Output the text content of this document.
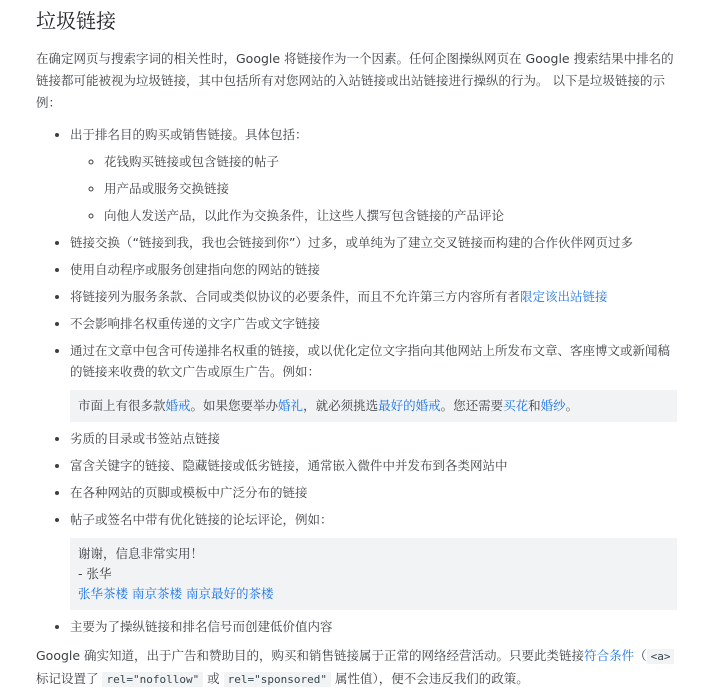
垃圾链接

在确定网页与搜索字词的相关性时，Google 将链接作为一个因素。任何企图操纵网页在 Google 搜索结果中排名的链接都可能被视为垃圾链接，其中包括所有对您网站的入站链接或出站链接进行操纵的行为。 以下是垃圾链接的示例：

• 出于排名目的购买或销售链接。具体包括：
◦ 花钱购买链接或包含链接的帖子
◦ 用产品或服务交换链接
◦ 向他人发送产品，以此作为交换条件，让这些人撰写包含链接的产品评论
• 链接交换（“链接到我，我也会链接到你”）过多，或单纯为了建立交叉链接而构建的合作伙伴网页过多
• 使用自动程序或服务创建指向您的网站的链接
• 将链接列为服务条款、合同或类似协议的必要条件，而且不允许第三方内容所有者限定该出站链接
• 不会影响排名权重传递的文字广告或文字链接
• 通过在文章中包含可传递排名权重的链接，或以优化定位文字指向其他网站上所发布文章、客座博文或新闻稿的链接来收费的软文广告或原生广告。例如：
市面上有很多款婚戒。如果您要举办婚礼，就必须挑选最好的婚戒。您还需要买花和婚纱。
• 劣质的目录或书签站点链接
• 富含关键字的链接、隐藏链接或低劣链接，通常嵌入微件中并发布到各类网站中
• 在各种网站的页脚或模板中广泛分布的链接
• 帖子或签名中带有优化链接的论坛评论，例如：
谢谢，信息非常实用！
- 张华
张华茶楼 南京茶楼 南京最好的茶楼
• 主要为了操纵链接和排名信号而创建低价值内容

Google 确实知道，出于广告和赞助目的，购买和销售链接属于正常的网络经营活动。只要此类链接符合条件（ <a> 标记设置了 rel="nofollow" 或 rel="sponsored" 属性值），便不会违反我们的政策。
